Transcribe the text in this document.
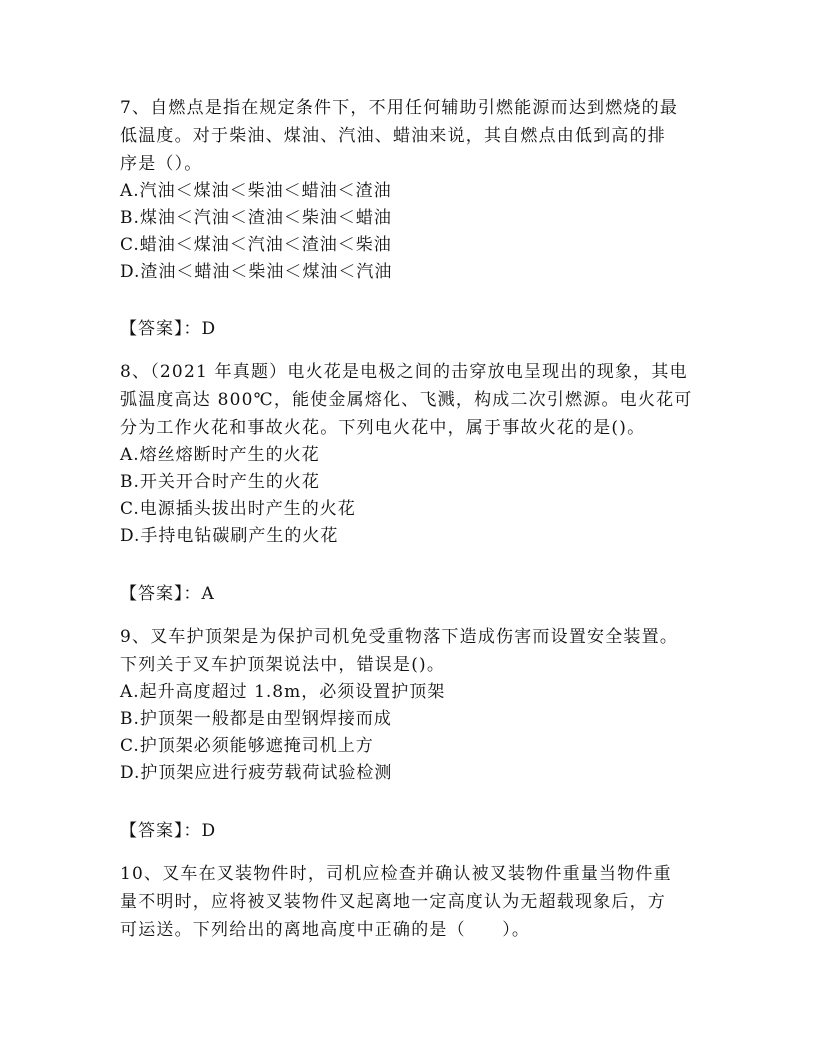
7、自燃点是指在规定条件下，不用任何辅助引燃能源而达到燃烧的最
低温度。对于柴油、煤油、汽油、蜡油来说，其自燃点由低到高的排
序是（）。

A.汽油＜煤油＜柴油＜蜡油＜渣油
B.煤油＜汽油＜渣油＜柴油＜蜡油
C.蜡油＜煤油＜汽油＜渣油＜柴油
D.渣油＜蜡油＜柴油＜煤油＜汽油
【答案】：D

8、（2021 年真题）电火花是电极之间的击穿放电呈现出的现象，其电
弧温度高达 800℃，能使金属熔化、飞溅，构成二次引燃源。电火花可
分为工作火花和事故火花。下列电火花中，属于事故火花的是()。

A.熔丝熔断时产生的火花
B.开关开合时产生的火花
C.电源插头拔出时产生的火花
D.手持电钻碳刷产生的火花
【答案】：A

9、叉车护顶架是为保护司机免受重物落下造成伤害而设置安全装置。
下列关于叉车护顶架说法中，错误是()。

A.起升高度超过 1.8m，必须设置护顶架
B.护顶架一般都是由型钢焊接而成
C.护顶架必须能够遮掩司机上方
D.护顶架应进行疲劳载荷试验检测
【答案】：D

10、叉车在叉装物件时，司机应检查并确认被叉装物件重量当物件重
量不明时，应将被叉装物件叉起离地一定高度认为无超载现象后，方
可运送。下列给出的离地高度中正确的是（　　）。
